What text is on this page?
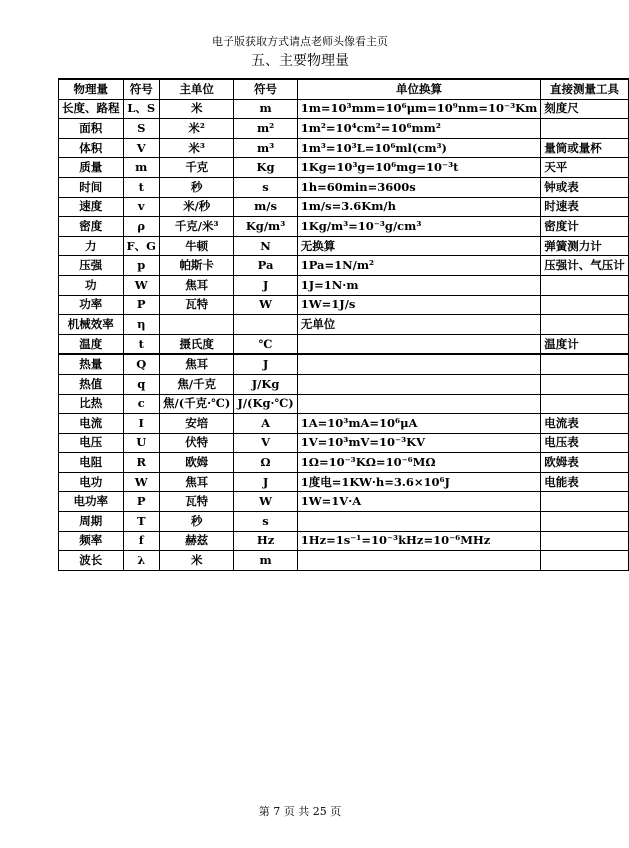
电子版获取方式请点老师头像看主页
五、主要物理量
物理量	符号	主单位	符号	单位换算	直接测量工具
长度、路程	L、S	米	m	1m=10³mm=10⁶μm=10⁹nm=10⁻³Km	刻度尺
面积	S	米²	m²	1m²=10⁴cm²=10⁶mm²	
体积	V	米³	m³	1m³=10³L=10⁶ml(cm³)	量筒或量杯
质量	m	千克	Kg	1Kg=10³g=10⁶mg=10⁻³t	天平
时间	t	秒	s	1h=60min=3600s	钟或表
速度	v	米/秒	m/s	1m/s=3.6Km/h	时速表
密度	ρ	千克/米³	Kg/m³	1Kg/m³=10⁻³g/cm³	密度计
力	F、G	牛顿	N	无换算	弹簧测力计
压强	p	帕斯卡	Pa	1Pa=1N/m²	压强计、气压计
功	W	焦耳	J	1J=1N·m	
功率	P	瓦特	W	1W=1J/s	
机械效率	η			无单位	
温度	t	摄氏度	℃		温度计
热量	Q	焦耳	J		
热值	q	焦/千克	J/Kg		
比热	c	焦/(千克·℃)	J/(Kg·℃)		
电流	I	安培	A	1A=10³mA=10⁶μA	电流表
电压	U	伏特	V	1V=10³mV=10⁻³KV	电压表
电阻	R	欧姆	Ω	1Ω=10⁻³KΩ=10⁻⁶MΩ	欧姆表
电功	W	焦耳	J	1度电=1KW·h=3.6×10⁶J	电能表
电功率	P	瓦特	W	1W=1V·A	
周期	T	秒	s		
频率	f	赫兹	Hz	1Hz=1s⁻¹=10⁻³kHz=10⁻⁶MHz	
波长	λ	米	m		
第 7 页 共 25 页
